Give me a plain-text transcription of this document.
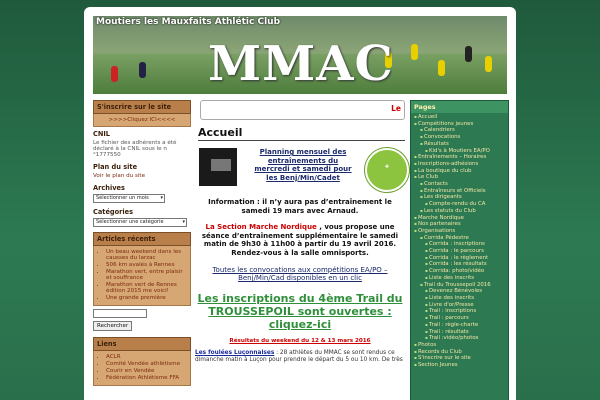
Moutiers les Mauxfaits Athlétic Club
MMAC
S'inscrire sur le site
>>>>Cliquez ICI<<<<
CNIL
Le fichier des adhérents a été déclaré à la CNIL sous le n °1777550
Plan du site
Voir le plan du site
Archives
Sélectionner un mois ▾
Catégories
Sélectionner une catégorie	▾
Articles récents
• Un beau weekend dans les causses du larzac
• 506 km avalés à Rennes
• Marathon vert, entre plaisir et souffrance
• Marathon vert de Rennes édition 2015 me voici!
• Une grande première
Rechercher
Liens
• ACLR
• Comité Vendée athlétisme
• Courir en Vendée
• Fédération Athlétisme FFA
Le
Accueil
Planning mensuel des entraînements du mercredi et samedi pour les Benj/Min/Cadet
✚
Information : il n’y aura pas d’entraînement le samedi 19 mars avec Arnaud.
La Section Marche Nordique , vous propose une séance d’entraînement supplémentaire le samedi matin de 9h30 à 11h00 à partir du 19 avril 2016. Rendez-vous à la salle omnisports.
Toutes les convocations aux compétitions EA/PO – Benj/Min/Cad disponibles en un clic
Les inscriptions du 4ème Trail du TROUSSEPOIL sont ouvertes : cliquez-ici
Résultats du weekend du 12 & 13 mars 2016
Les foulées Luçonnaises : 28 athlètes du MMAC se sont rendus ce dimanche matin à Luçon pour prendre le départ du 5 ou 10 km. De très
Pages
▪ Accueil
▪ Compétitions jeunes
▪ Calendriers
▪ Convocations
▪ Résultats
▪ Kid's à Moutiers EA/PO
▪ Entraînements – Horaires
▪ Inscriptions-adhésions
▪ La boutique du club
▪ Le Club
▪ Contacts
▪ Entraîneurs et Officiels
▪ Les dirigeants
▪ Compte-rendu du CA
▪ Les statuts du Club
▪ Marche Nordique
▪ Nos partenaires
▪ Organisations
▪ Corrida Pédestre
▪ Corrida : inscriptions
▪ Corrida : le parcours
▪ Corrida : le règlement
▪ Corrida : les résultats
▪ Corrida: photo/vidéo
▪ Liste des inscrits
▪ Trail du Troussepoil 2016
▪ Devenez Bénévoles
▪ Liste des inscrits
▪ Livre d'or/Presse
▪ Trail : inscriptions
▪ Trail : parcours
▪ Trail : règle-charte
▪ Trail : résultats
▪ Trail :vidéo/photos
▪ Photos
▪ Records du Club
▪ S'inscrire sur le site
▪ Section Jeunes
